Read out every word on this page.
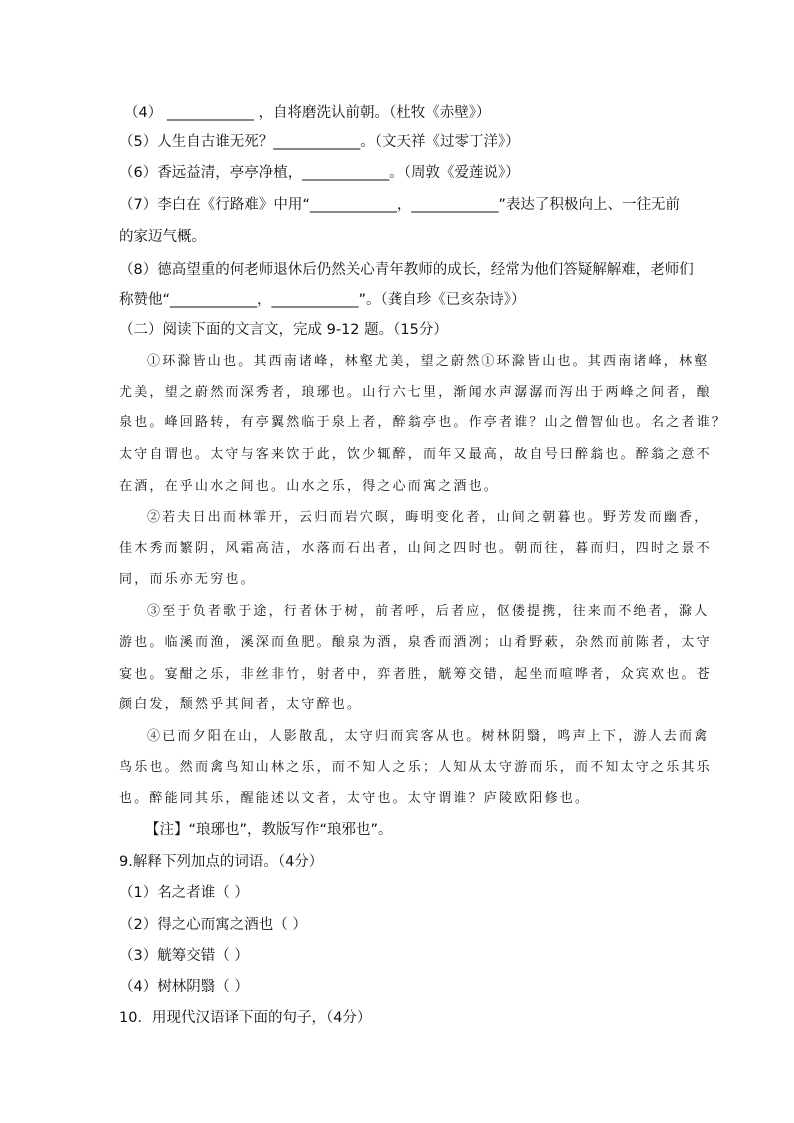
（4） ____________ ，自将磨洗认前朝。（杜牧《赤壁》）
（5）人生自古谁无死？____________。（文天祥《过零丁洋》）
（6）香远益清，亭亭净植，____________。（周敦《爱莲说》）
（7）李白在《行路难》中用“____________，____________”表达了积极向上、一往无前
的家迈气概。
（8）德高望重的何老师退休后仍然关心青年教师的成长，经常为他们答疑解解难，老师们
称赞他“____________，____________”。（龚自珍《已亥杂诗》）
（二）阅读下面的文言文，完成 9-12 题。（15分）
①环滁皆山也。其西南诸峰，林壑尤美，望之蔚然①环滁皆山也。其西南诸峰，林壑
尤美，望之蔚然而深秀者，琅琊也。山行六七里，渐闻水声潺潺而泻出于两峰之间者，酿
泉也。峰回路转，有亭翼然临于泉上者，醉翁亭也。作亭者谁？山之僧智仙也。名之者谁？
太守自谓也。太守与客来饮于此，饮少辄醉，而年又最高，故自号曰醉翁也。醉翁之意不
在酒，在乎山水之间也。山水之乐，得之心而寓之酒也。
②若夫日出而林霏开，云归而岩穴暝，晦明变化者，山间之朝暮也。野芳发而幽香，
佳木秀而繁阴，风霜高洁，水落而石出者，山间之四时也。朝而往，暮而归，四时之景不
同，而乐亦无穷也。
③至于负者歌于途，行者休于树，前者呼，后者应，伛偻提携，往来而不绝者，滁人
游也。临溪而渔，溪深而鱼肥。酿泉为酒，泉香而酒冽；山肴野蔌，杂然而前陈者，太守
宴也。宴酣之乐，非丝非竹，射者中，弈者胜，觥筹交错，起坐而喧哗者，众宾欢也。苍
颜白发，颓然乎其间者，太守醉也。
④已而夕阳在山，人影散乱，太守归而宾客从也。树林阴翳，鸣声上下，游人去而禽
鸟乐也。然而禽鸟知山林之乐，而不知人之乐；人知从太守游而乐，而不知太守之乐其乐
也。醉能同其乐，醒能述以文者，太守也。太守谓谁？庐陵欧阳修也。
【注】“琅琊也”，教版写作“琅邪也”。
9.解释下列加点的词语。（4分）
（1）名之者谁（ ）
（2）得之心而寓之酒也（ ）
（3）觥筹交错（ ）
（4）树林阴翳（ ）
10．用现代汉语译下面的句子，（4分）
